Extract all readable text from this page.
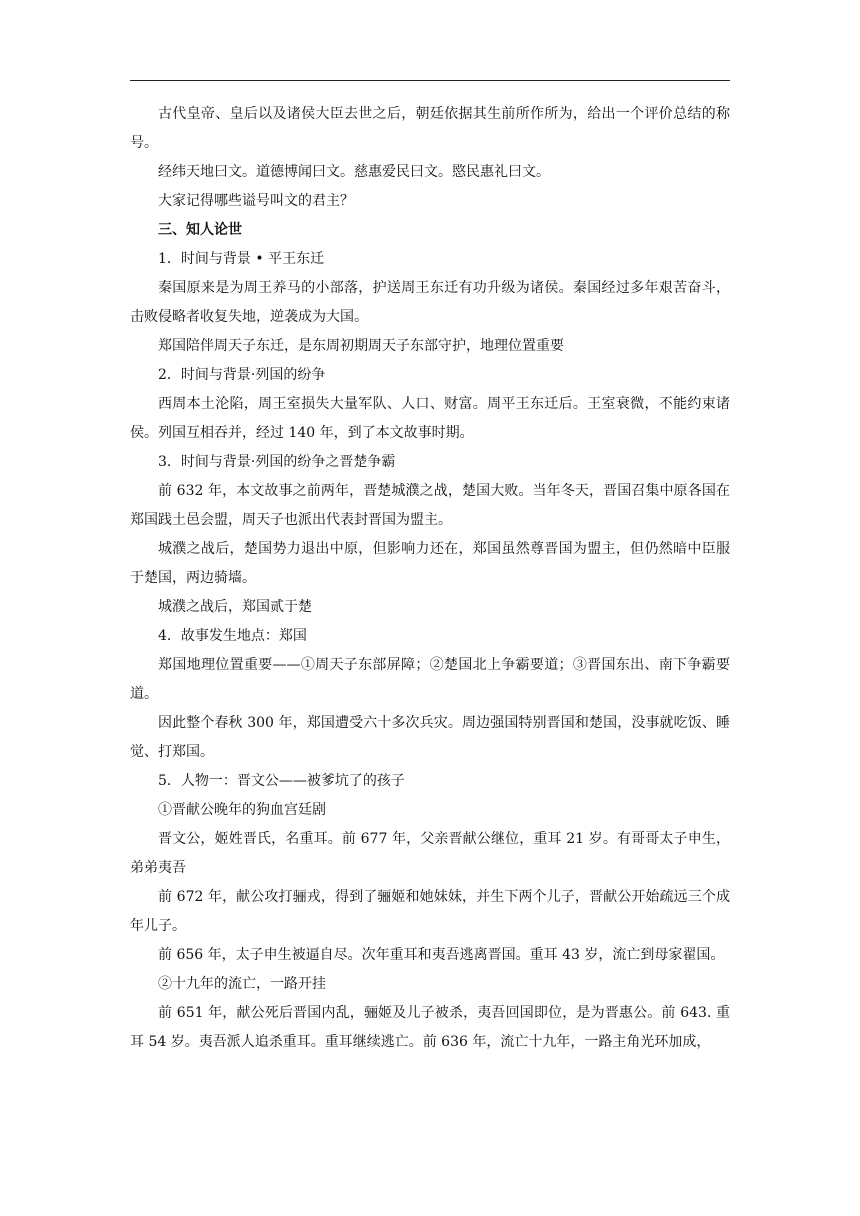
古代皇帝、皇后以及诸侯大臣去世之后，朝廷依据其生前所作所为，给出一个评价总结的称号。

经纬天地曰文。道德博闻曰文。慈惠爱民曰文。愍民惠礼曰文。

大家记得哪些谥号叫文的君主？

三、知人论世

1．时间与背景 • 平王东迁

秦国原来是为周王养马的小部落，护送周王东迁有功升级为诸侯。秦国经过多年艰苦奋斗，击败侵略者收复失地，逆袭成为大国。

郑国陪伴周天子东迁，是东周初期周天子东部守护，地理位置重要

2．时间与背景·列国的纷争

西周本土沦陷，周王室损失大量军队、人口、财富。周平王东迁后。王室衰微，不能约束诸侯。列国互相吞并，经过 140 年，到了本文故事时期。

3．时间与背景·列国的纷争之晋楚争霸

前 632 年，本文故事之前两年，晋楚城濮之战，楚国大败。当年冬天，晋国召集中原各国在郑国践土邑会盟，周天子也派出代表封晋国为盟主。

城濮之战后，楚国势力退出中原，但影响力还在，郑国虽然尊晋国为盟主，但仍然暗中臣服于楚国，两边骑墙。

城濮之战后，郑国贰于楚

4．故事发生地点：郑国

郑国地理位置重要——①周天子东部屏障；②楚国北上争霸要道；③晋国东出、南下争霸要道。

因此整个春秋 300 年，郑国遭受六十多次兵灾。周边强国特别晋国和楚国，没事就吃饭、睡觉、打郑国。

5．人物一：晋文公——被爹坑了的孩子

①晋献公晚年的狗血宫廷剧

晋文公，姬姓晋氏，名重耳。前 677 年，父亲晋献公继位，重耳 21 岁。有哥哥太子申生，弟弟夷吾

前 672 年，献公攻打骊戎，得到了骊姬和她妹妹，并生下两个儿子，晋献公开始疏远三个成年儿子。

前 656 年，太子申生被逼自尽。次年重耳和夷吾逃离晋国。重耳 43 岁，流亡到母家翟国。

②十九年的流亡，一路开挂

前 651 年，献公死后晋国内乱，骊姬及儿子被杀，夷吾回国即位，是为晋惠公。前 643. 重耳 54 岁。夷吾派人追杀重耳。重耳继续逃亡。前 636 年，流亡十九年，一路主角光环加成，
